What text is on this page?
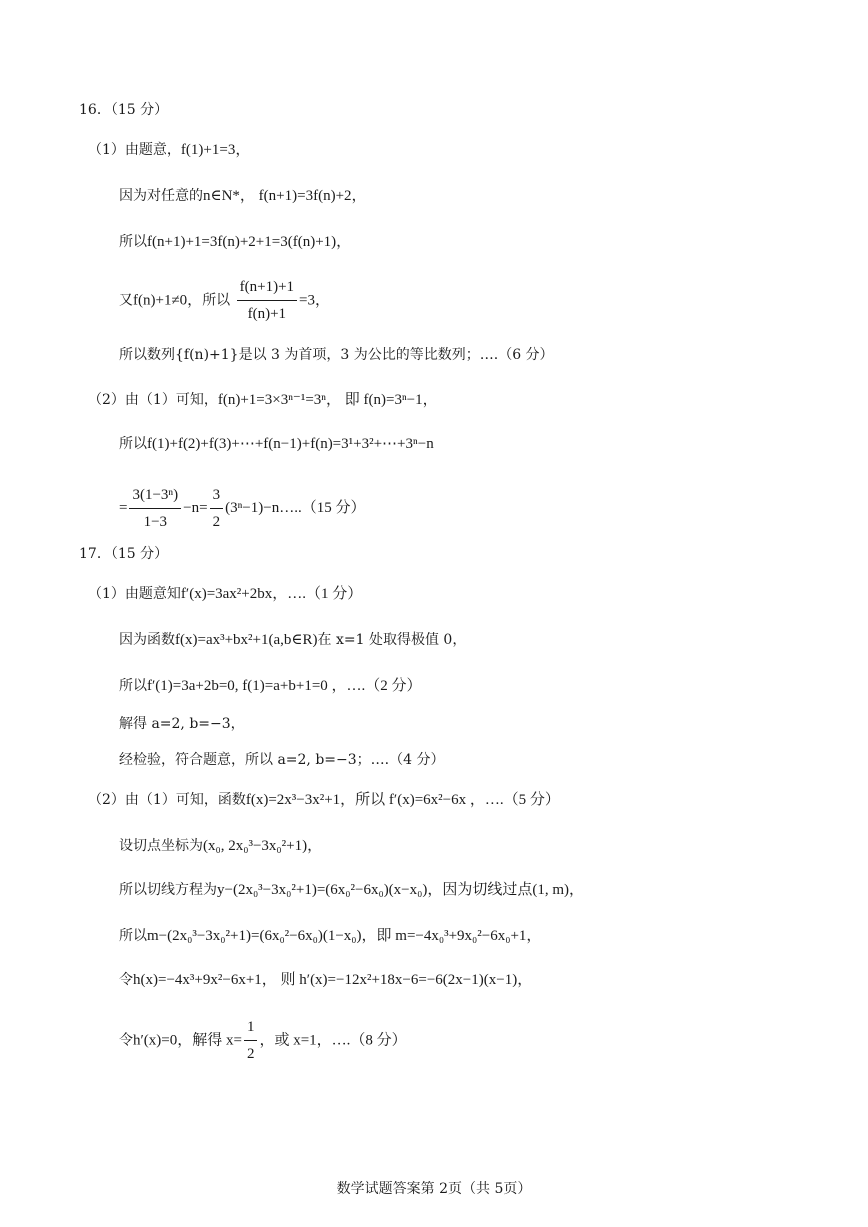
16．（15 分）
（1）由题意，f(1)+1=3，
因为对任意的n∈N*， f(n+1)=3f(n)+2，
所以f(n+1)+1=3f(n)+2+1=3(f(n)+1)，
又f(n)+1≠0，所以 $\frac{f(n+1)+1}{f(n)+1} =3$，
所以数列{f(n)+1}是以 3 为首项，3 为公比的等比数列；….（6 分）
（2）由（1）可知，f(n)+1=3×3ⁿ⁻¹=3ⁿ， 即 f(n)=3ⁿ−1，
所以f(1)+f(2)+f(3)+⋯+f(n−1)+f(n)=3¹+3²+⋯+3ⁿ−n
= $\frac{\text{3(1−3ⁿ)}}{1-3} -n= \frac{3}{2}$ (3ⁿ−1)−n…..（15 分）
17．（15 分）
（1）由题意知f′(x)=3ax²+2bx，….（1 分）
因为函数f(x)=ax³+bx²+1(a,b∈R)在 x=1 处取得极值 0，
所以f′(1)=3a+2b=0, f(1)=a+b+1=0 ，….（2 分）
解得 a=2, b=−3，
经检验，符合题意，所以 a=2, b=−3；….（4 分）
（2）由（1）可知，函数f(x)=2x³−3x²+1，所以 f′(x)=6x²−6x ，….（5 分）
设切点坐标为(x₀, 2x₀³−3x₀²+1)，
所以切线方程为y−(2x₀³−3x₀²+1)=(6x₀²−6x₀)(x−x₀)，因为切线过点(1, m)，
所以m−(2x₀³−3x₀²+1)=(6x₀²−6x₀)(1−x₀)，即 m=−4x₀³+9x₀²−6x₀+1，
令h(x)=−4x³+9x²−6x+1， 则 h′(x)=−12x²+18x−6=−6(2x−1)(x−1)，
令h′(x)=0，解得 $x= \frac{1}{2}$ ，或 x=1，….（8 分）
数学试题答案第 2页（共 5页）
